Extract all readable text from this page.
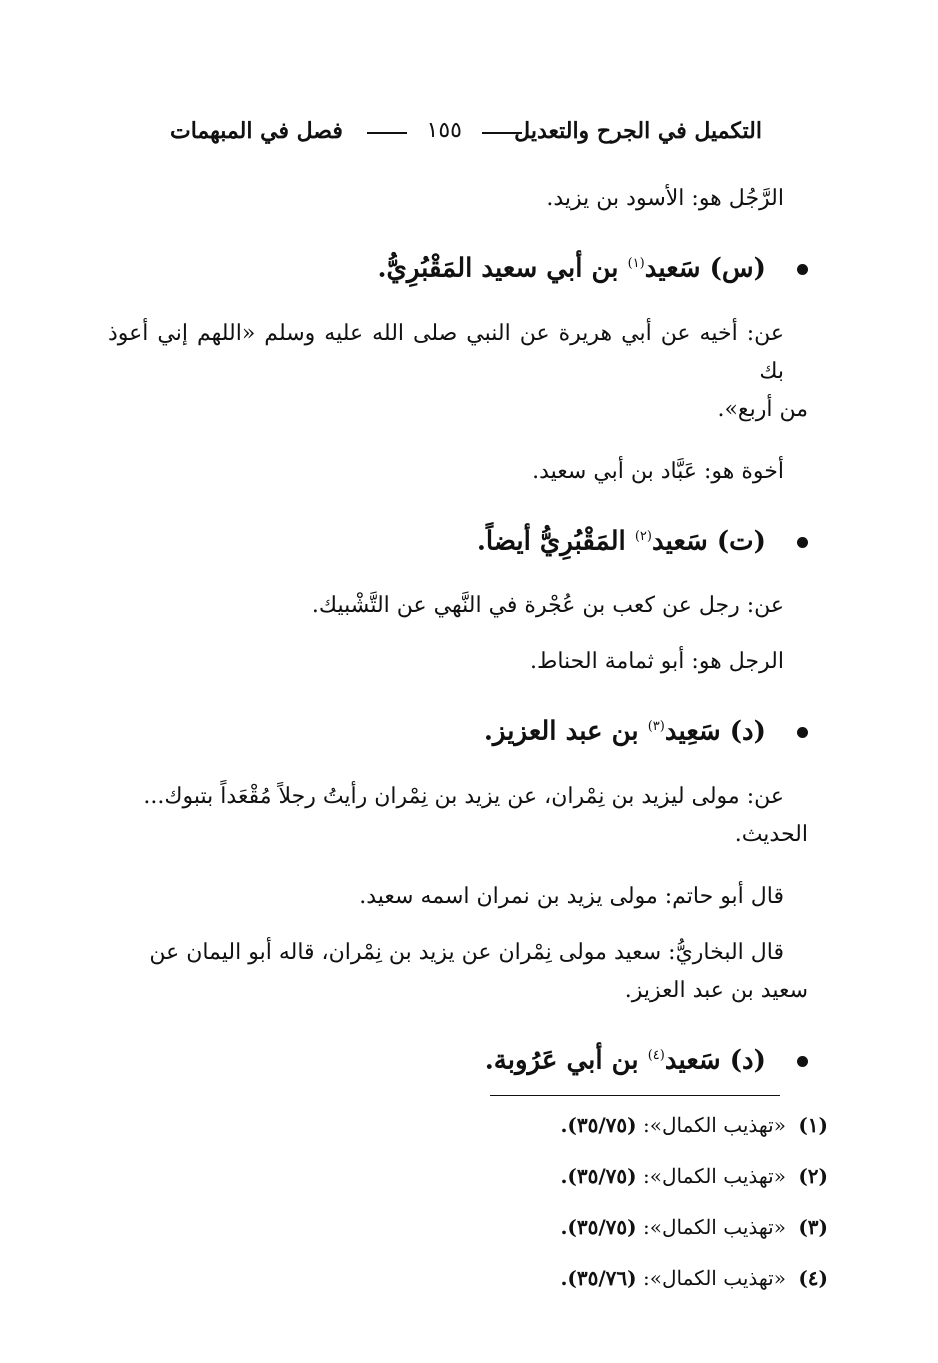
التكميل في الجرح والتعديل
١٥٥
فصل في المبهمات

الرَّجُل هو: الأسود بن يزيد.

(س) سَعيد$^{(١)}$ بن أبي سعيد المَقْبُرِيُّ.

عن: أخيه عن أبي هريرة عن النبي صلى الله عليه وسلم «اللهم إني أعوذ بك
من أربع».

أخوة هو: عَبَّاد بن أبي سعيد.

(ت) سَعيد$^{(٢)}$ المَقْبُرِيُّ أيضاً.

عن: رجل عن كعب بن عُجْرة في النَّهي عن التَّشْبيك.

الرجل هو: أبو ثمامة الحناط.

(د) سَعِيد$^{(٣)}$ بن عبد العزيز.

عن: مولى ليزيد بن نِمْران، عن يزيد بن نِمْران رأيتُ رجلاً مُقْعَداً بتبوك...
الحديث.

قال أبو حاتم: مولى يزيد بن نمران اسمه سعيد.

قال البخاريُّ: سعيد مولى نِمْران عن يزيد بن نِمْران، قاله أبو اليمان عن
سعيد بن عبد العزيز.

(د) سَعيد$^{(٤)}$ بن أبي عَرُوبة.

(١) «تهذيب الكمال»: (٣٥/٧٥).

(٢) «تهذيب الكمال»: (٣٥/٧٥).

(٣) «تهذيب الكمال»: (٣٥/٧٥).

(٤) «تهذيب الكمال»: (٣٥/٧٦).
